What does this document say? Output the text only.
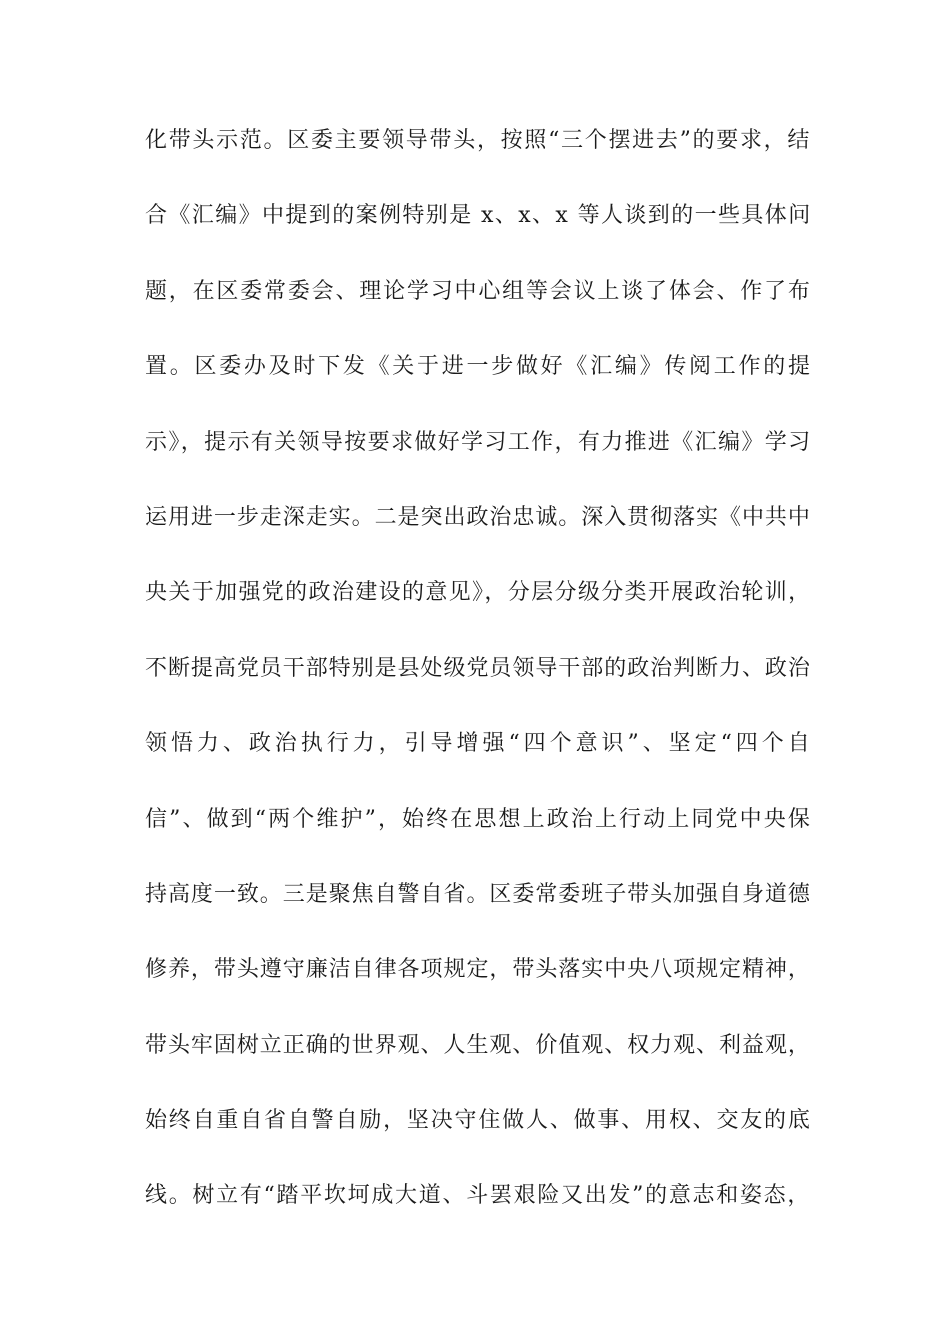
化带头示范。区委主要领导带头，按照“三个摆进去”的要求，结
合《汇编》中提到的案例特别是 x、x、x 等人谈到的一些具体问
题，在区委常委会、理论学习中心组等会议上谈了体会、作了布
置。区委办及时下发《关于进一步做好《汇编》传阅工作的提
示》，提示有关领导按要求做好学习工作，有力推进《汇编》学习
运用进一步走深走实。二是突出政治忠诚。深入贯彻落实《中共中
央关于加强党的政治建设的意见》，分层分级分类开展政治轮训，
不断提高党员干部特别是县处级党员领导干部的政治判断力、政治
领悟力、政治执行力，引导增强“四个意识”、坚定“四个自
信”、做到“两个维护”，始终在思想上政治上行动上同党中央保
持高度一致。三是聚焦自警自省。区委常委班子带头加强自身道德
修养，带头遵守廉洁自律各项规定，带头落实中央八项规定精神，
带头牢固树立正确的世界观、人生观、价值观、权力观、利益观，
始终自重自省自警自励，坚决守住做人、做事、用权、交友的底
线。树立有“踏平坎坷成大道、斗罢艰险又出发”的意志和姿态，
